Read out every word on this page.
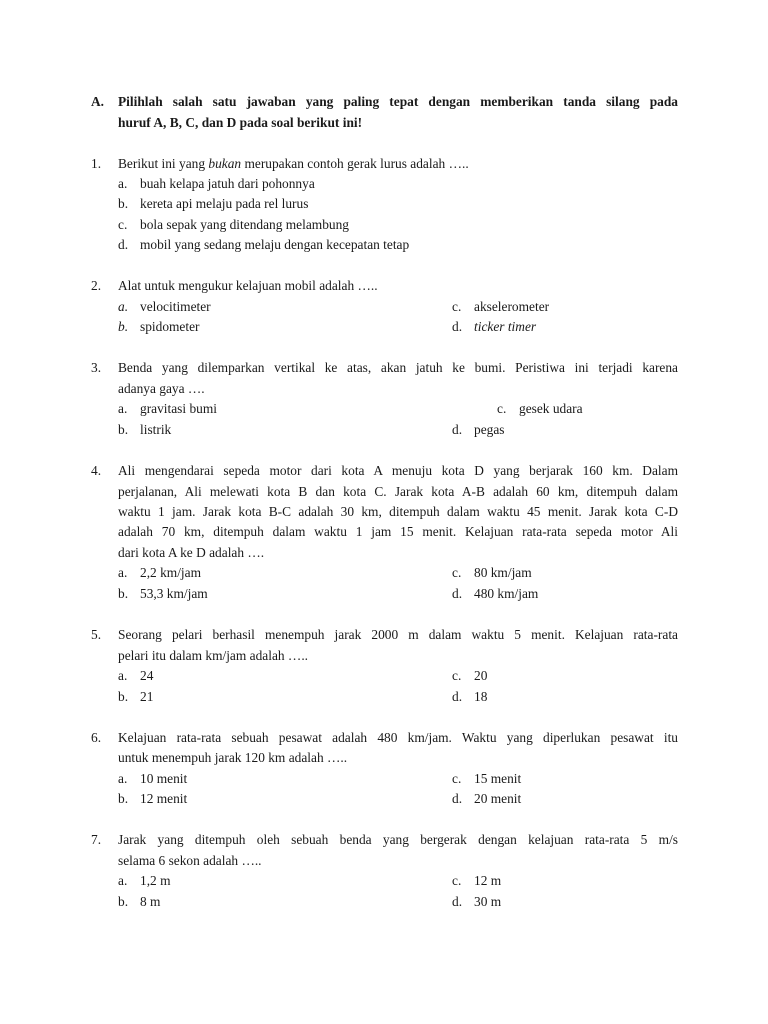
A. Pilihlah salah satu jawaban yang paling tepat dengan memberikan tanda silang pada
huruf A, B, C, dan D pada soal berikut ini!
1. Berikut ini yang bukan merupakan contoh gerak lurus adalah …..
a. buah kelapa jatuh dari pohonnya
b. kereta api melaju pada rel lurus
c. bola sepak yang ditendang melambung
d. mobil yang sedang melaju dengan kecepatan tetap
2. Alat untuk mengukur kelajuan mobil adalah …..
a. velocitimeter
b. spidometer
c. akselerometer
d. ticker timer
3. Benda yang dilemparkan vertikal ke atas, akan jatuh ke bumi. Peristiwa ini terjadi karena
adanya gaya ….
a. gravitasi bumi
b. listrik
c. gesek udara
d. pegas
4. Ali mengendarai sepeda motor dari kota A menuju kota D yang berjarak 160 km. Dalam
perjalanan, Ali melewati kota B dan kota C. Jarak kota A-B adalah 60 km, ditempuh dalam
waktu 1 jam. Jarak kota B-C adalah 30 km, ditempuh dalam waktu 45 menit. Jarak kota C-D
adalah 70 km, ditempuh dalam waktu 1 jam 15 menit. Kelajuan rata-rata sepeda motor Ali
dari kota A ke D adalah ….
a. 2,2 km/jam
b. 53,3 km/jam
c. 80 km/jam
d. 480 km/jam
5. Seorang pelari berhasil menempuh jarak 2000 m dalam waktu 5 menit. Kelajuan rata-rata
pelari itu dalam km/jam adalah …..
a. 24
b. 21
c. 20
d. 18
6. Kelajuan rata-rata sebuah pesawat adalah 480 km/jam. Waktu yang diperlukan pesawat itu
untuk menempuh jarak 120 km adalah …..
a. 10 menit
b. 12 menit
c. 15 menit
d. 20 menit
7. Jarak yang ditempuh oleh sebuah benda yang bergerak dengan kelajuan rata-rata 5 m/s
selama 6 sekon adalah …..
a. 1,2 m
b. 8 m
c. 12 m
d. 30 m
